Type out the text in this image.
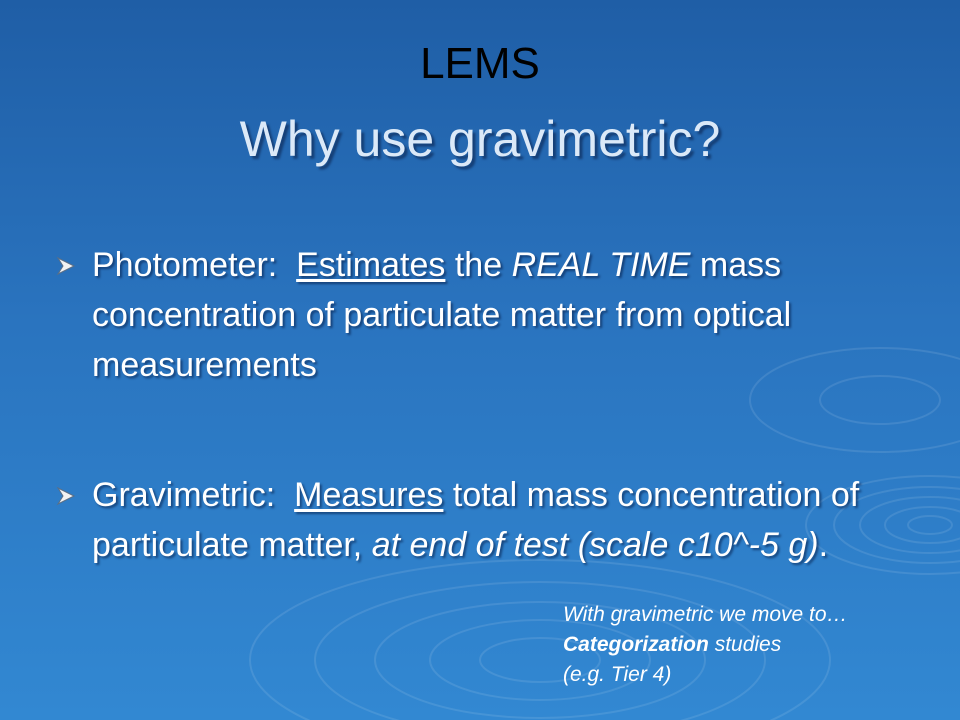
LEMS
Why use gravimetric?
Photometer: Estimates the REAL TIME mass concentration of particulate matter from optical measurements
Gravimetric: Measures total mass concentration of particulate matter, at end of test (scale c10^-5 g).
With gravimetric we move to…
Categorization studies
(e.g. Tier 4)
